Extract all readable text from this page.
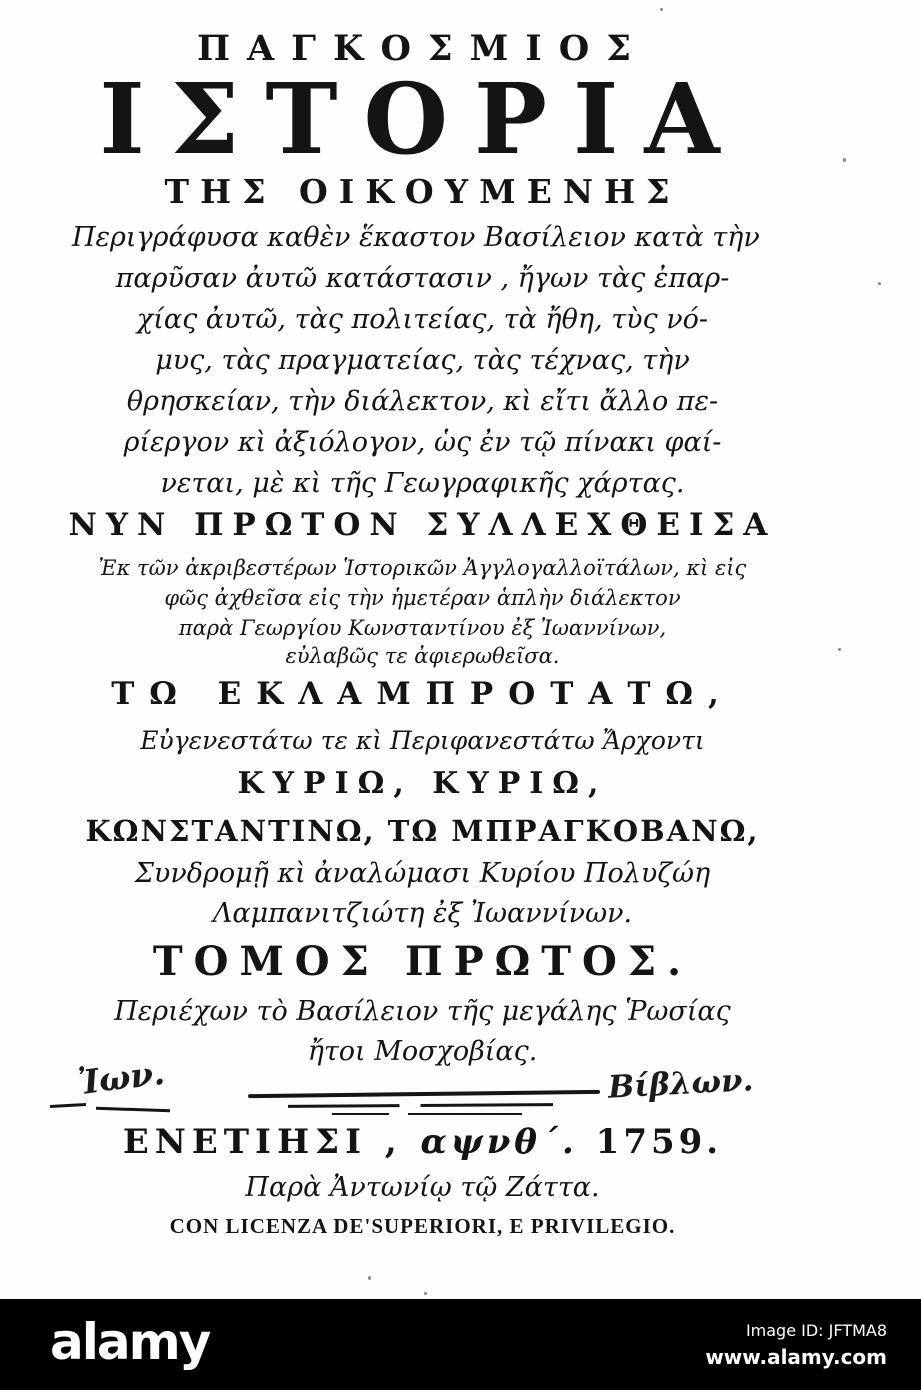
ΠΑΓΚΟΣΜΙΟΣ
ΙΣΤΟΡΙΑ
ΤΗΣ ΟΙΚΟΥΜΕΝΗΣ
Περιγράφυσα καθὲν ἕκαστον Βασίλειον κατὰ τὴν
παρῦσαν ἀυτῶ κατάστασιν , ἤγων τὰς ἐπαρ-
χίας ἀυτῶ, τὰς πολιτείας, τὰ ἤθη, τὺς νό-
μυς, τὰς πραγματείας, τὰς τέχνας, τὴν
θρησκείαν, τὴν διάλεκτον, κὶ εἴτι ἄλλο πε-
ρίεργον κὶ ἀξιόλογον, ὡς ἐν τῷ πίνακι φαί-
νεται, μὲ κὶ τῆς Γεωγραφικῆς χάρτας.
ΝΥΝ ΠΡΩΤΟΝ ΣΥΛΛΕΧΘΕΙΣΑ
Ἐκ τῶν ἀκριβεστέρων Ἱστορικῶν Ἀγγλογαλλοϊτάλων, κὶ εἰς
φῶς ἀχθεῖσα εἰς τὴν ἡμετέραν ἁπλὴν διάλεκτον
παρὰ Γεωργίου Κωνσταντίνου ἐξ Ἰωαννίνων,
εὐλαβῶς τε ἀφιερωθεῖσα.
ΤΩ ΕΚΛΑΜΠΡΟΤΑΤΩ,
Εὐγενεστάτω τε κὶ Περιφανεστάτω Ἄρχοντι
ΚΥΡΙΩ, ΚΥΡΙΩ,
ΚΩΝΣΤΑΝΤΙΝΩ, ΤΩ ΜΠΡΑΓΚΟΒΑΝΩ,
Συνδρομῇ κὶ ἀναλώμασι Κυρίου Πολυζώη
Λαμπανιτζιώτη ἐξ Ἰωαννίνων.
ΤΟΜΟΣ ΠΡΩΤΟΣ.
Περιέχων τὸ Βασίλειον τῆς μεγάλης Ῥωσίας
ἤτοι Μοσχοβίας.
Ἰων.	Βίβλων.
ΕΝΕΤΙΗΣΙ , αψνθ΄. 1759.
Παρὰ Ἀντωνίῳ τῷ Ζάττα.
CON LICENZA DE'SUPERIORI, E PRIVILEGIO.
alamy	Image ID: JFTMA8
www.alamy.com
